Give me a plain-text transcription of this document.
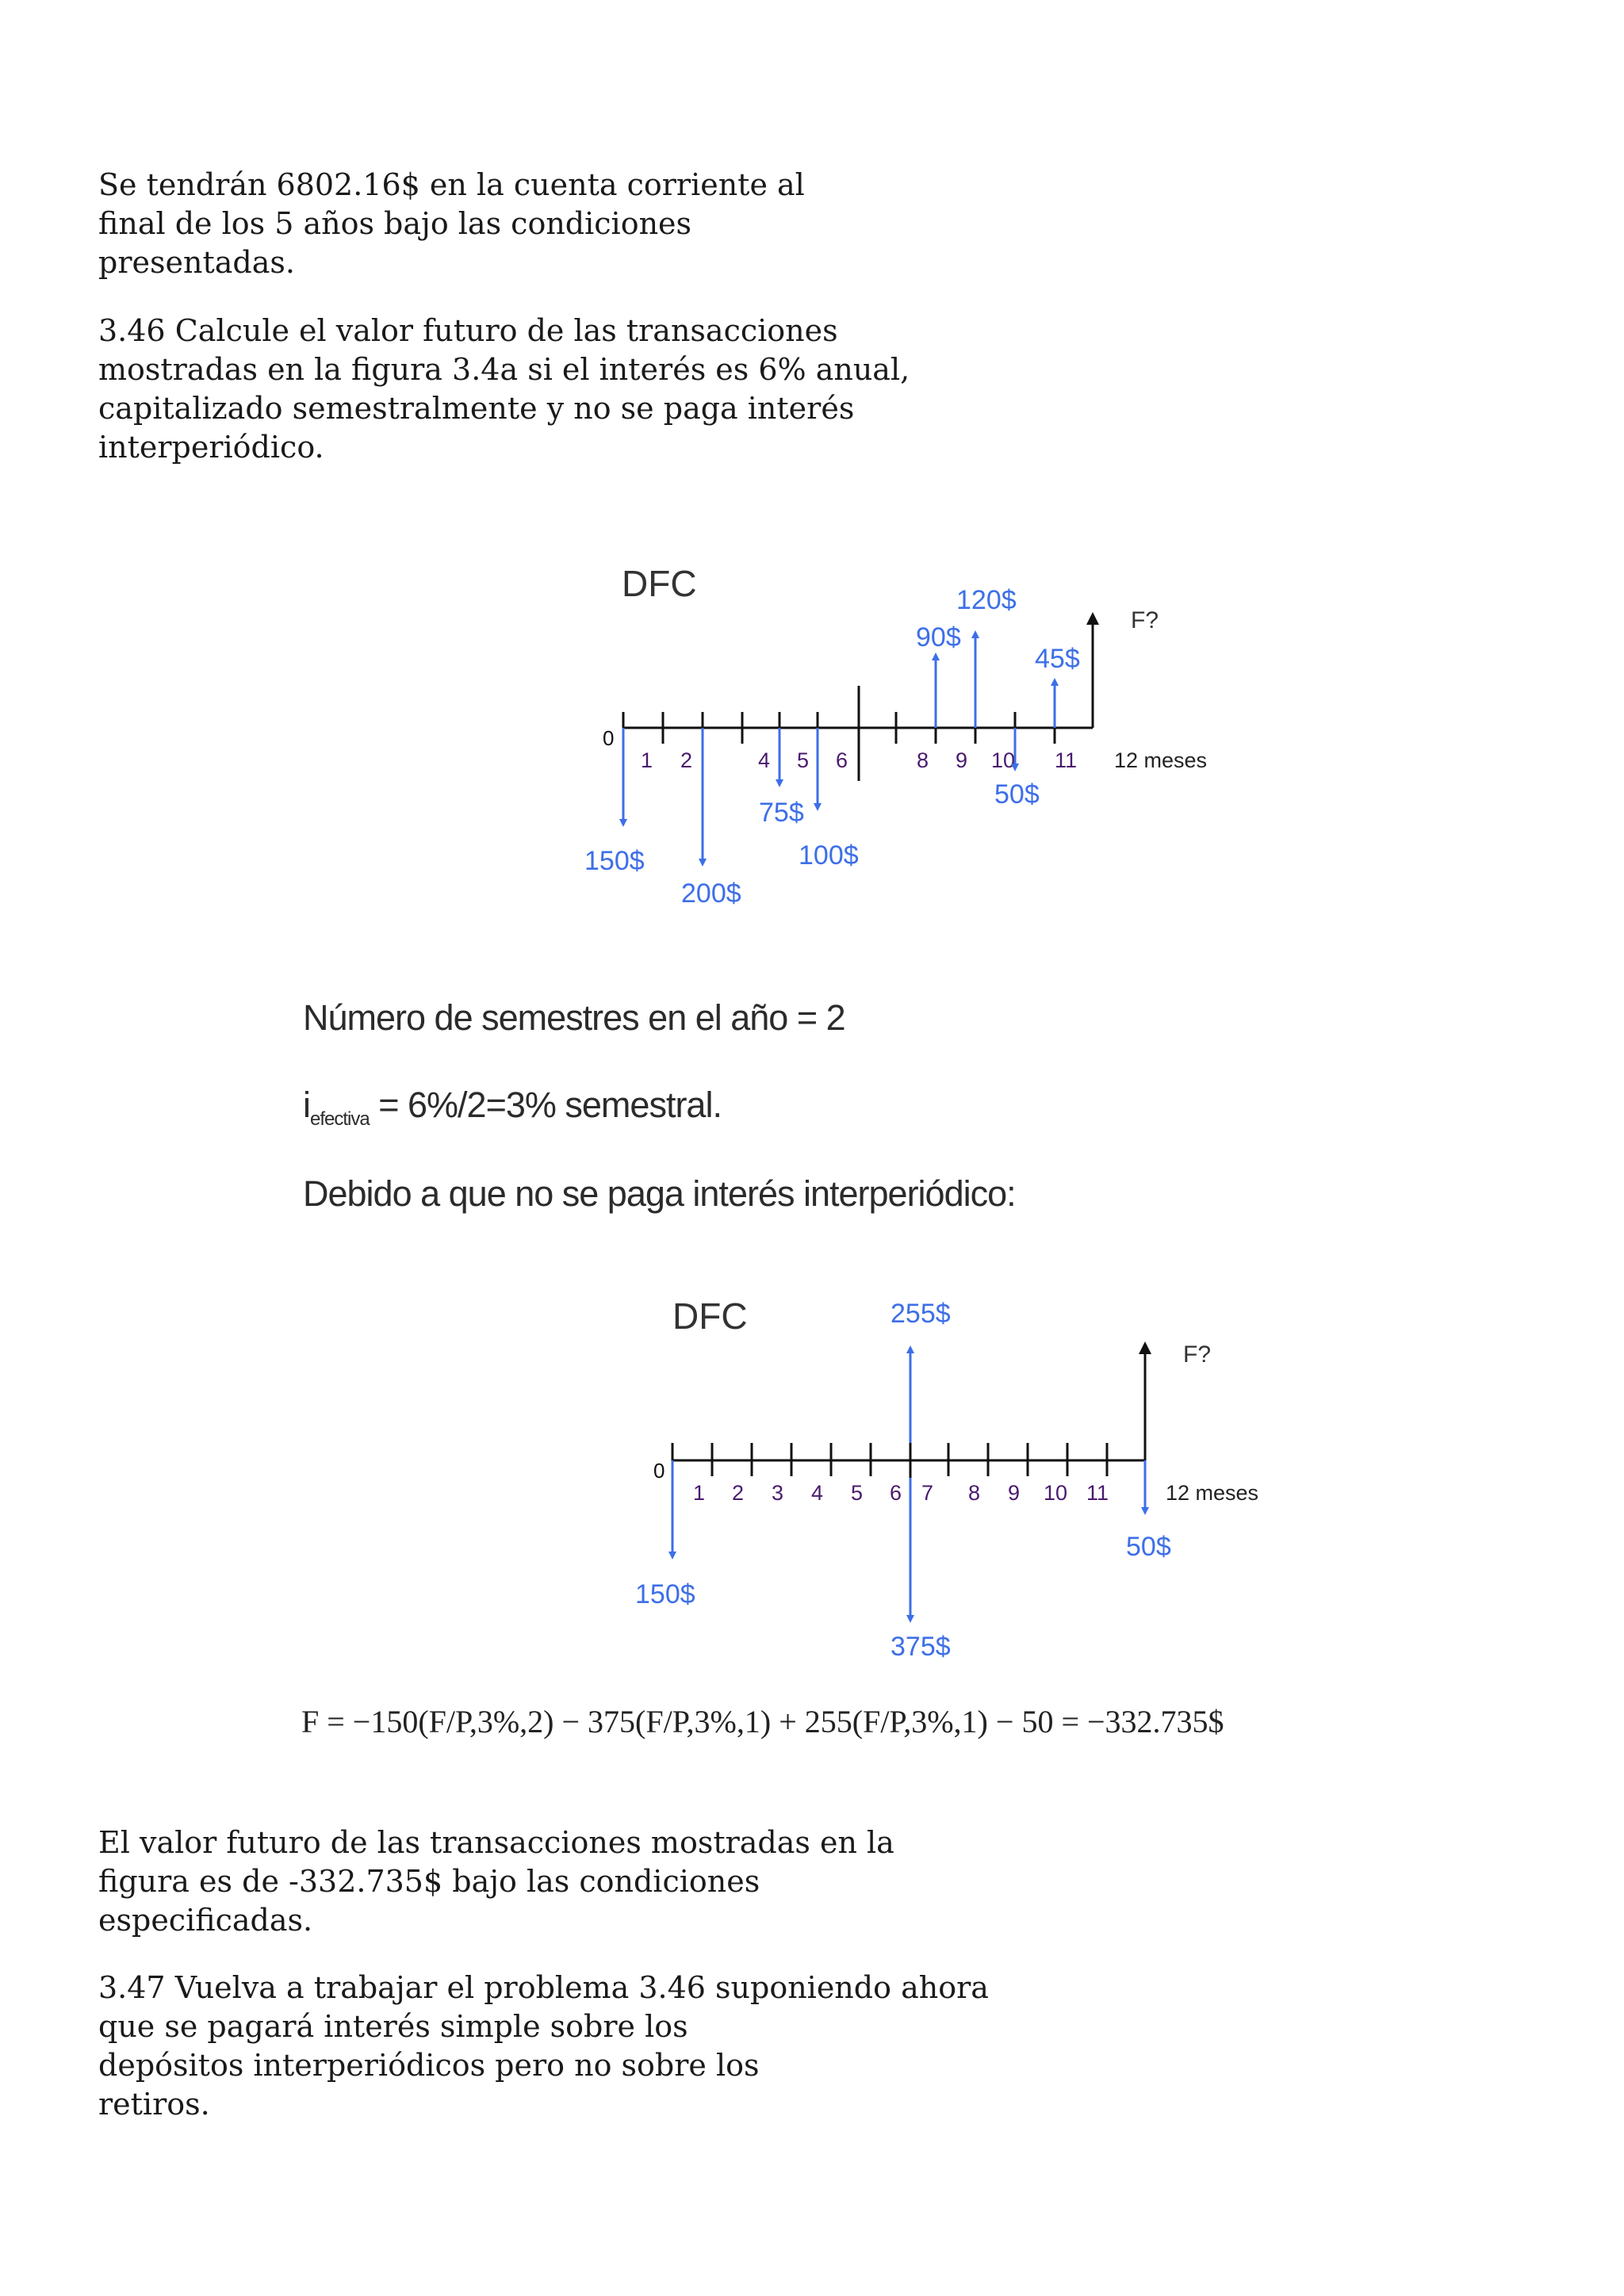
Se tendrán 6802.16$ en la cuenta corriente al
final de los 5 años bajo las condiciones
presentadas.
3.46 Calcule el valor futuro de las transacciones
mostradas en la figura 3.4a si el interés es 6% anual,
capitalizado semestralmente y no se paga interés
interperiódico.
DFC
0
1 2	4 5 6	8 9 10 11 12 meses
150$
200$
75$
100$
90$
120$
50$
45$
F?
DFC
0
1 2 3 4 5 6 7 8 9 10 11	12 meses
150$
375$
255$
50$
F?
Número de semestres en el año = 2
$i_{efectiva} = 6\%/2=3\%$ semestral.
Debido a que no se paga interés interperiódico:
F = −150(F/P,3%,2) − 375(F/P,3%,1) + 255(F/P,3%,1) − 50 = −332.735$
El valor futuro de las transacciones mostradas en la
figura es de -332.735$ bajo las condiciones
especificadas.
3.47 Vuelva a trabajar el problema 3.46 suponiendo ahora
que se pagará interés simple sobre los
depósitos interperiódicos pero no sobre los
retiros.
